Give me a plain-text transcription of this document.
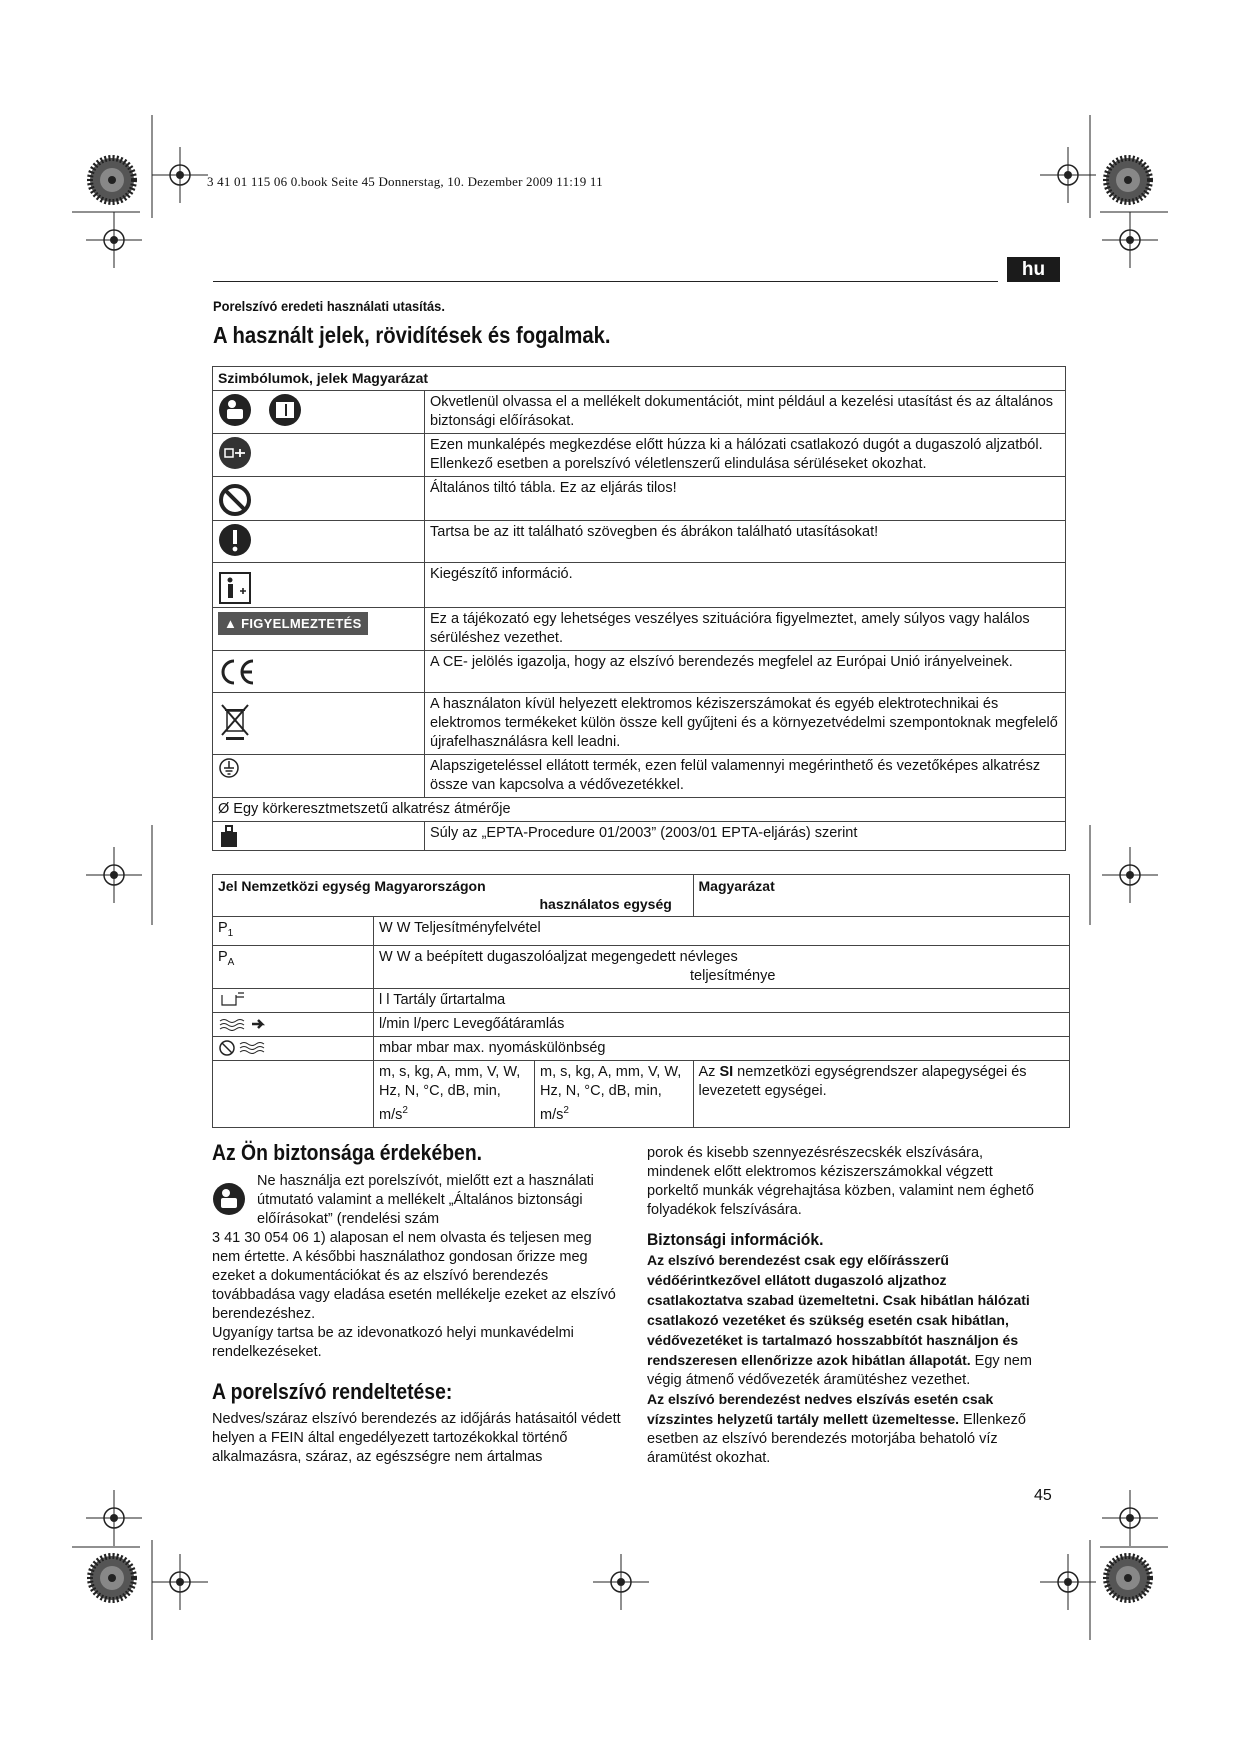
3 41 01 115 06 0.book Seite 45 Donnerstag, 10. Dezember 2009 11:19 11
hu
Porelszívó eredeti használati utasítás.
A használt jelek, rövidítések és fogalmak.
Szimbólumok, jelek Magyarázat	
	Okvetlenül olvassa el a mellékelt dokumentációt, mint például a kezelési utasítást és az általános biztonsági előírásokat.
	Ezen munkalépés megkezdése előtt húzza ki a hálózati csatlakozó dugót a dugaszoló aljzatból. Ellenkező esetben a porelszívó véletlenszerű elindulása sérüléseket okozhat.
	Általános tiltó tábla. Ez az eljárás tilos!
	Tartsa be az itt található szövegben és ábrákon található utasításokat!
	Kiegészítő információ.
▲ FIGYELMEZTETÉS	Ez a tájékozató egy lehetséges veszélyes szituációra figyelmeztet, amely súlyos vagy halálos sérüléshez vezethet.
	A CE- jelölés igazolja, hogy az elszívó berendezés megfelel az Európai Unió irányelveinek.
	A használaton kívül helyezett elektromos kéziszerszámokat és egyéb elektrotechnikai és elektromos termékeket külön össze kell gyűjteni és a környezetvédelmi szempontoknak megfelelő újrafelhasználásra kell leadni.
	Alapszigeteléssel ellátott termék, ezen felül valamennyi megérinthető és vezetőképes alkatrész össze van kapcsolva a védővezetékkel.
Ø Egy körkeresztmetszetű alkatrész átmérője	
	Súly az „EPTA-Procedure 01/2003” (2003/01 EPTA-eljárás) szerint
Jel Nemzetközi egység Magyarországon		használatos egység	Magyarázat
$P_1$	W W Teljesítményfelvétel		
$P_A$	W W a beépített dugaszolóaljzat megengedett névleges
teljesítménye		

	l l Tartály űrtartalma		
	l/min l/perc Levegőátáramlás		
	mbar mbar max. nyomáskülönbség		
	m, s, kg, A, mm, V, W, Hz, N, °C, dB, min, $m/s^2$	m, s, kg, A, mm, V, W, Hz, N, °C, dB, min, $m/s^2$	Az SI nemzetközi egységrendszer alapegységei és levezetett egységei.
Az Ön biztonsága érdekében.
Ne használja ezt porelszívót, mielőtt ezt a használati útmutató valamint a mellékelt „Általános biztonsági előírásokat” (rendelési szám

3 41 30 054 06 1) alaposan el nem olvasta és teljesen meg nem értette. A későbbi használathoz gondosan őrizze meg ezeket a dokumentációkat és az elszívó berendezés továbbadása vagy eladása esetén mellékelje ezeket az elszívó berendezéshez.

Ugyanígy tartsa be az idevonatkozó helyi munkavédelmi rendelkezéseket.

A porelszívó rendeltetése:
Nedves/száraz elszívó berendezés az időjárás hatásaitól védett helyen a FEIN által engedélyezett tartozékokkal történő alkalmazásra, száraz, az egészségre nem ártalmas
porok és kisebb szennyezésrészecskék elszívására, mindenek előtt elektromos kéziszerszámokkal végzett porkeltő munkák végrehajtása közben, valamint nem éghető folyadékok felszívására.
Biztonsági információk.

Az elszívó berendezést csak egy előírásszerű védőérintkezővel ellátott dugaszoló aljzathoz csatlakoztatva szabad üzemeltetni. Csak hibátlan hálózati csatlakozó vezetéket és szükség esetén csak hibátlan, védővezetéket is tartalmazó hosszabbítót használjon és rendszeresen ellenőrizze azok hibátlan állapotát. Egy nem végig átmenő védővezeték áramütéshez vezethet.

Az elszívó berendezést nedves elszívás esetén csak vízszintes helyzetű tartály mellett üzemeltesse. Ellenkező esetben az elszívó berendezés motorjába behatoló víz áramütést okozhat.

45
